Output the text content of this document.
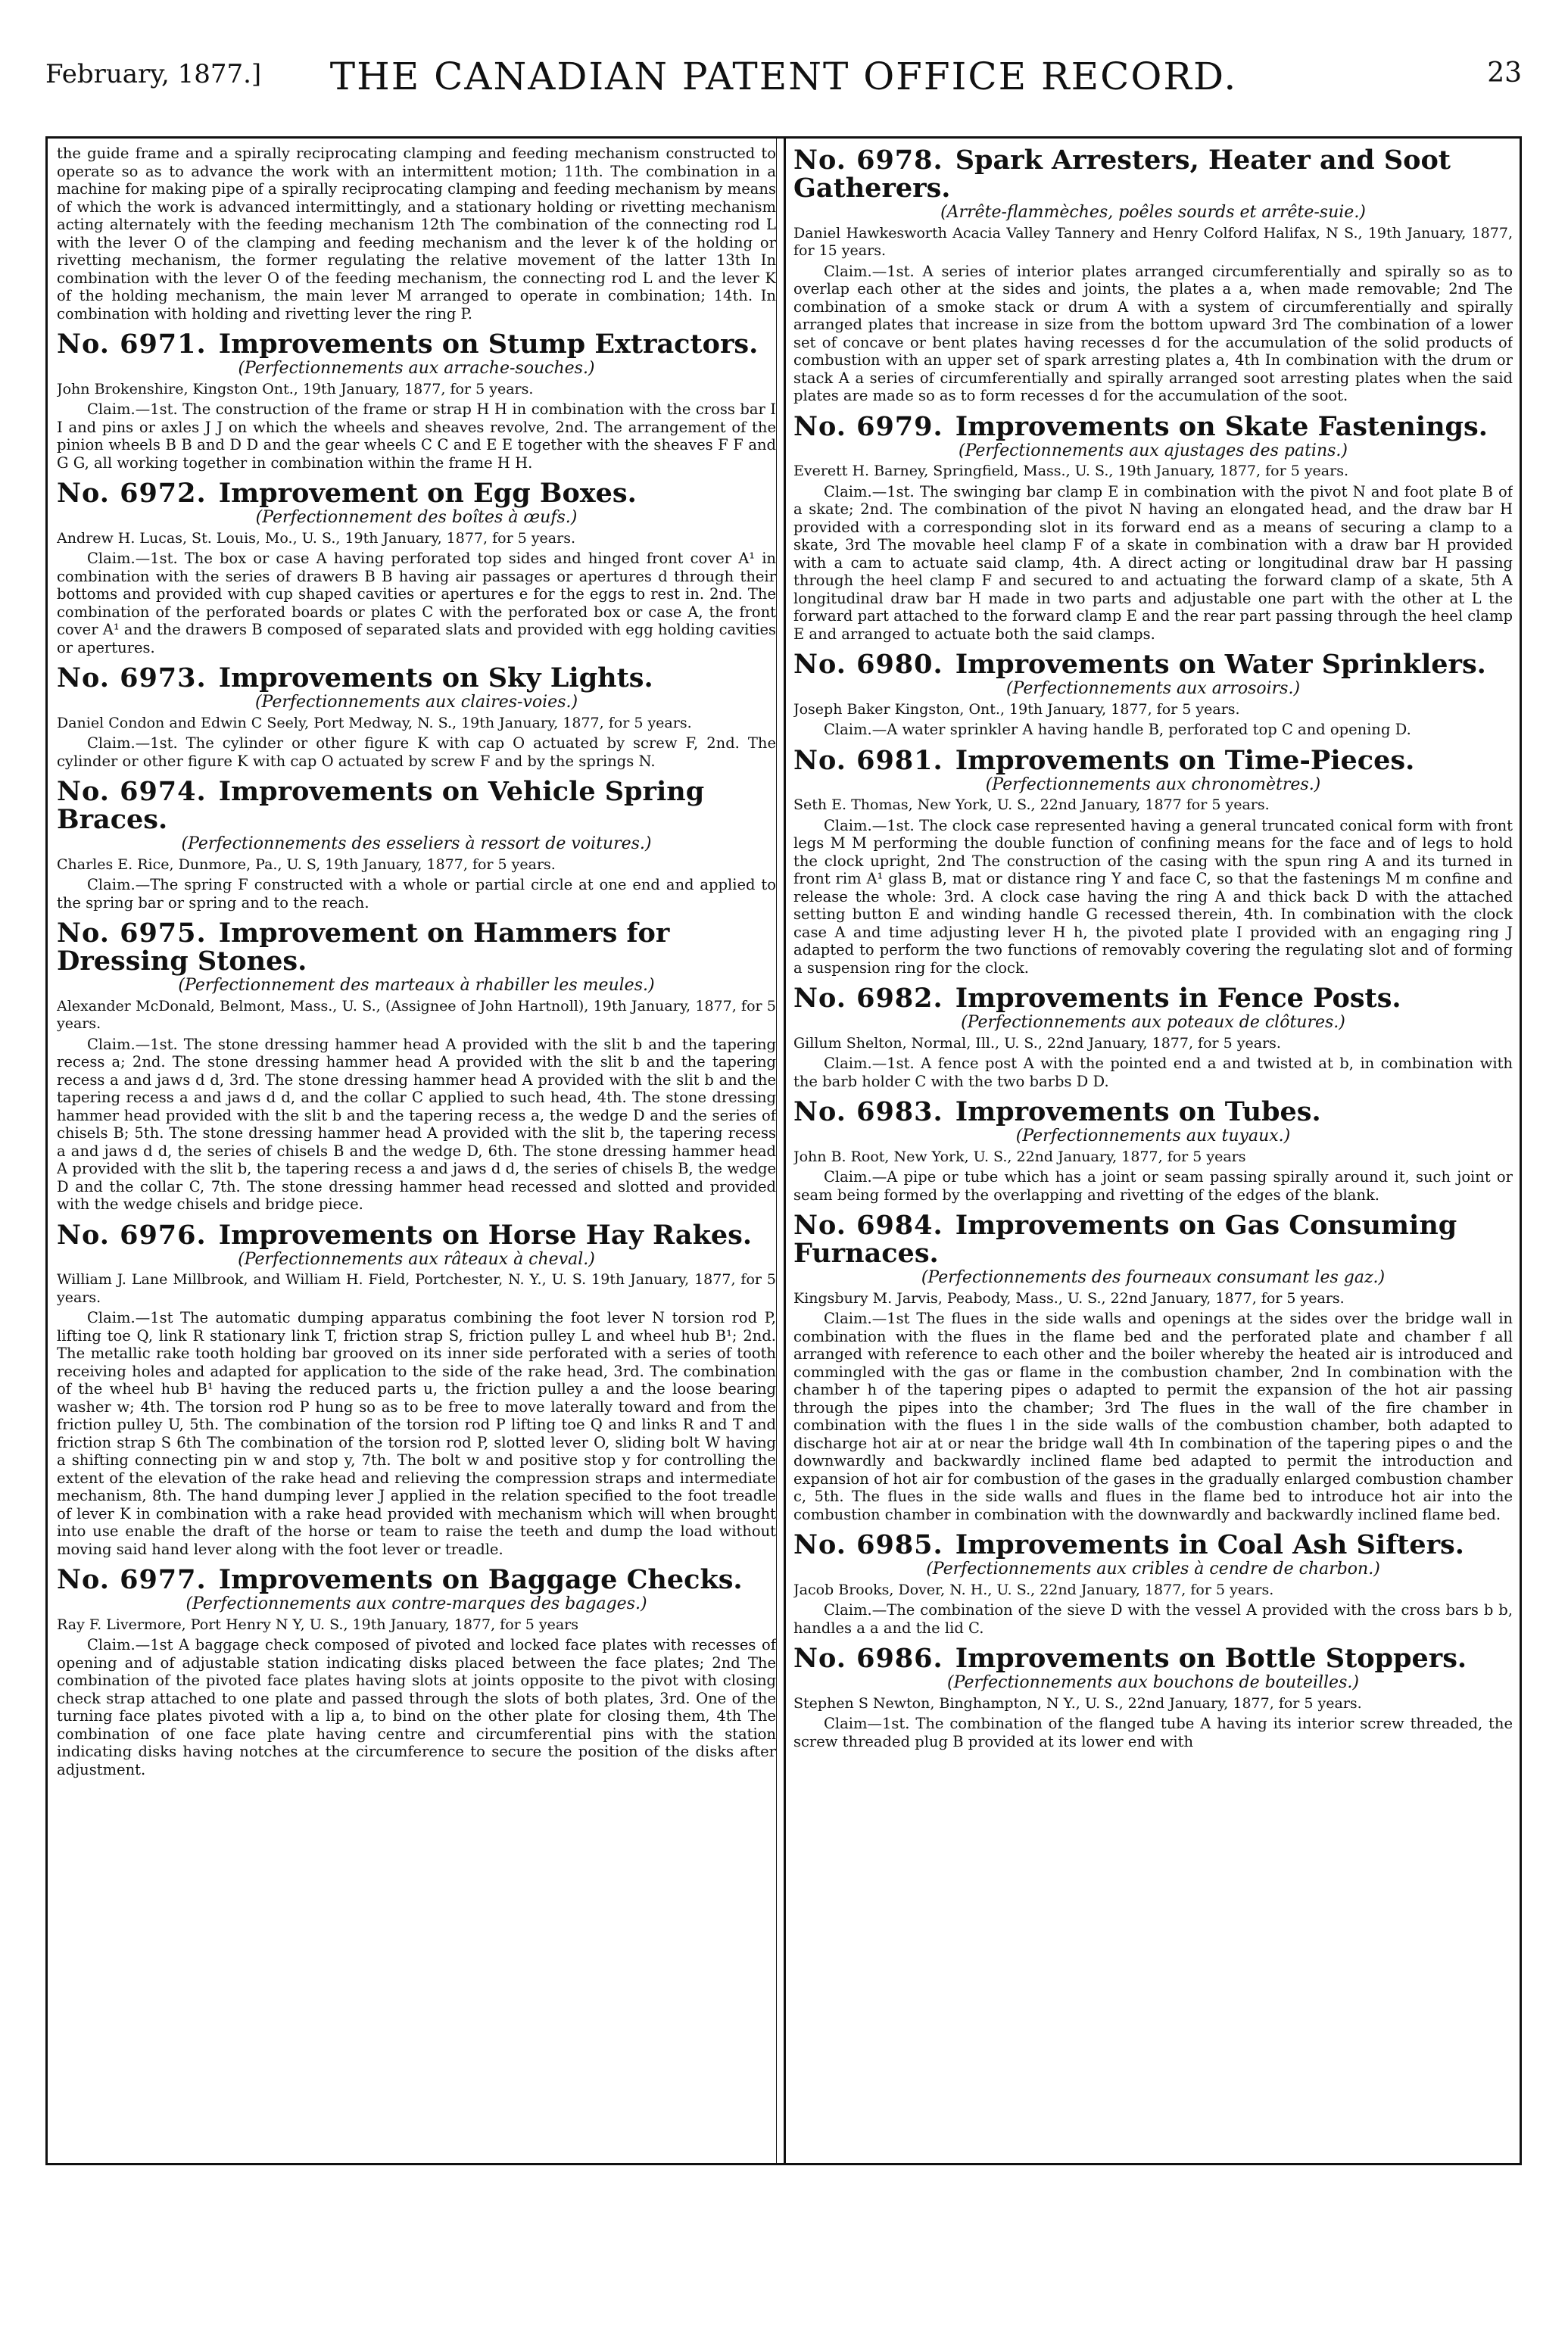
February, 1877.]	THE CANADIAN PATENT OFFICE RECORD.	23

the guide frame and a spirally reciprocating clamping and feeding mechanism constructed to operate so as to advance the work with an intermittent motion; 11th. The combination in a machine for making pipe of a spirally reciprocating clamping and feeding mechanism by means of which the work is advanced intermittingly, and a stationary holding or rivetting mechanism acting alternately with the feeding mechanism 12th The combination of the connecting rod L with the lever O of the clamping and feeding mechanism and the lever k of the holding or rivetting mechanism, the former regulating the relative movement of the latter 13th In combination with the lever O of the feeding mechanism, the connecting rod L and the lever K of the holding mechanism, the main lever M arranged to operate in combination; 14th. In combination with holding and rivetting lever the ring P.

No. 6971. Improvements on Stump Extractors.

(Perfectionnements aux arrache-souches.)

John Brokenshire, Kingston Ont., 19th January, 1877, for 5 years.

Claim.—1st. The construction of the frame or strap H H in combination with the cross bar I I and pins or axles J J on which the wheels and sheaves revolve, 2nd. The arrangement of the pinion wheels B B and D D and the gear wheels C C and E E together with the sheaves F F and G G, all working together in combination within the frame H H.

No. 6972. Improvement on Egg Boxes.

(Perfectionnement des boîtes à œufs.)

Andrew H. Lucas, St. Louis, Mo., U. S., 19th January, 1877, for 5 years.

Claim.—1st. The box or case A having perforated top sides and hinged front cover A¹ in combination with the series of drawers B B having air passages or apertures d through their bottoms and provided with cup shaped cavities or apertures e for the eggs to rest in. 2nd. The combination of the perforated boards or plates C with the perforated box or case A, the front cover A¹ and the drawers B composed of separated slats and provided with egg holding cavities or apertures.

No. 6973. Improvements on Sky Lights.

(Perfectionnements aux claires-voies.)

Daniel Condon and Edwin C Seely, Port Medway, N. S., 19th January, 1877, for 5 years.

Claim.—1st. The cylinder or other figure K with cap O actuated by screw F, 2nd. The cylinder or other figure K with cap O actuated by screw F and by the springs N.

No. 6974. Improvements on Vehicle Spring Braces.

(Perfectionnements des esseliers à ressort de voitures.)

Charles E. Rice, Dunmore, Pa., U. S, 19th January, 1877, for 5 years.

Claim.—The spring F constructed with a whole or partial circle at one end and applied to the spring bar or spring and to the reach.

No. 6975. Improvement on Hammers for Dressing Stones.

(Perfectionnement des marteaux à rhabiller les meules.)

Alexander McDonald, Belmont, Mass., U. S., (Assignee of John Hartnoll), 19th January, 1877, for 5 years.

Claim.—1st. The stone dressing hammer head A provided with the slit b and the tapering recess a; 2nd. The stone dressing hammer head A provided with the slit b and the tapering recess a and jaws d d, 3rd. The stone dressing hammer head A provided with the slit b and the tapering recess a and jaws d d, and the collar C applied to such head, 4th. The stone dressing hammer head provided with the slit b and the tapering recess a, the wedge D and the series of chisels B; 5th. The stone dressing hammer head A provided with the slit b, the tapering recess a and jaws d d, the series of chisels B and the wedge D, 6th. The stone dressing hammer head A provided with the slit b, the tapering recess a and jaws d d, the series of chisels B, the wedge D and the collar C, 7th. The stone dressing hammer head recessed and slotted and provided with the wedge chisels and bridge piece.

No. 6976. Improvements on Horse Hay Rakes.

(Perfectionnements aux râteaux à cheval.)

William J. Lane Millbrook, and William H. Field, Portchester, N. Y., U. S. 19th January, 1877, for 5 years.

Claim.—1st The automatic dumping apparatus combining the foot lever N torsion rod P, lifting toe Q, link R stationary link T, friction strap S, friction pulley L and wheel hub B¹; 2nd. The metallic rake tooth holding bar grooved on its inner side perforated with a series of tooth receiving holes and adapted for application to the side of the rake head, 3rd. The combination of the wheel hub B¹ having the reduced parts u, the friction pulley a and the loose bearing washer w; 4th. The torsion rod P hung so as to be free to move laterally toward and from the friction pulley U, 5th. The combination of the torsion rod P lifting toe Q and links R and T and friction strap S 6th The combination of the torsion rod P, slotted lever O, sliding bolt W having a shifting connecting pin w and stop y, 7th. The bolt w and positive stop y for controlling the extent of the elevation of the rake head and relieving the compression straps and intermediate mechanism, 8th. The hand dumping lever J applied in the relation specified to the foot treadle of lever K in combination with a rake head provided with mechanism which will when brought into use enable the draft of the horse or team to raise the teeth and dump the load without moving said hand lever along with the foot lever or treadle.

No. 6977. Improvements on Baggage Checks.

(Perfectionnements aux contre-marques des bagages.)

Ray F. Livermore, Port Henry N Y, U. S., 19th January, 1877, for 5 years

Claim.—1st A baggage check composed of pivoted and locked face plates with recesses of opening and of adjustable station indicating disks placed between the face plates; 2nd The combination of the pivoted face plates having slots at joints opposite to the pivot with closing check strap attached to one plate and passed through the slots of both plates, 3rd. One of the turning face plates pivoted with a lip a, to bind on the other plate for closing them, 4th The combination of one face plate having centre and circumferential pins with the station indicating disks having notches at the circumference to secure the position of the disks after adjustment.

No. 6978. Spark Arresters, Heater and Soot Gatherers.

(Arrête-flammèches, poêles sourds et arrête-suie.)

Daniel Hawkesworth Acacia Valley Tannery and Henry Colford Halifax, N S., 19th January, 1877, for 15 years.

Claim.—1st. A series of interior plates arranged circumferentially and spirally so as to overlap each other at the sides and joints, the plates a a, when made removable; 2nd The combination of a smoke stack or drum A with a system of circumferentially and spirally arranged plates that increase in size from the bottom upward 3rd The combination of a lower set of concave or bent plates having recesses d for the accumulation of the solid products of combustion with an upper set of spark arresting plates a, 4th In combination with the drum or stack A a series of circumferentially and spirally arranged soot arresting plates when the said plates are made so as to form recesses d for the accumulation of the soot.

No. 6979. Improvements on Skate Fastenings.

(Perfectionnements aux ajustages des patins.)

Everett H. Barney, Springfield, Mass., U. S., 19th January, 1877, for 5 years.

Claim.—1st. The swinging bar clamp E in combination with the pivot N and foot plate B of a skate; 2nd. The combination of the pivot N having an elongated head, and the draw bar H provided with a corresponding slot in its forward end as a means of securing a clamp to a skate, 3rd The movable heel clamp F of a skate in combination with a draw bar H provided with a cam to actuate said clamp, 4th. A direct acting or longitudinal draw bar H passing through the heel clamp F and secured to and actuating the forward clamp of a skate, 5th A longitudinal draw bar H made in two parts and adjustable one part with the other at L the forward part attached to the forward clamp E and the rear part passing through the heel clamp E and arranged to actuate both the said clamps.

No. 6980. Improvements on Water Sprinklers.

(Perfectionnements aux arrosoirs.)

Joseph Baker Kingston, Ont., 19th January, 1877, for 5 years.

Claim.—A water sprinkler A having handle B, perforated top C and opening D.

No. 6981. Improvements on Time-Pieces.

(Perfectionnements aux chronomètres.)

Seth E. Thomas, New York, U. S., 22nd January, 1877 for 5 years.

Claim.—1st. The clock case represented having a general truncated conical form with front legs M M performing the double function of confining means for the face and of legs to hold the clock upright, 2nd The construction of the casing with the spun ring A and its turned in front rim A¹ glass B, mat or distance ring Y and face C, so that the fastenings M m confine and release the whole: 3rd. A clock case having the ring A and thick back D with the attached setting button E and winding handle G recessed therein, 4th. In combination with the clock case A and time adjusting lever H h, the pivoted plate I provided with an engaging ring J adapted to perform the two functions of removably covering the regulating slot and of forming a suspension ring for the clock.

No. 6982. Improvements in Fence Posts.

(Perfectionnements aux poteaux de clôtures.)

Gillum Shelton, Normal, Ill., U. S., 22nd January, 1877, for 5 years.

Claim.—1st. A fence post A with the pointed end a and twisted at b, in combination with the barb holder C with the two barbs D D.

No. 6983. Improvements on Tubes.

(Perfectionnements aux tuyaux.)

John B. Root, New York, U. S., 22nd January, 1877, for 5 years

Claim.—A pipe or tube which has a joint or seam passing spirally around it, such joint or seam being formed by the overlapping and rivetting of the edges of the blank.

No. 6984. Improvements on Gas Consuming Furnaces.

(Perfectionnements des fourneaux consumant les gaz.)

Kingsbury M. Jarvis, Peabody, Mass., U. S., 22nd January, 1877, for 5 years.

Claim.—1st The flues in the side walls and openings at the sides over the bridge wall in combination with the flues in the flame bed and the perforated plate and chamber f all arranged with reference to each other and the boiler whereby the heated air is introduced and commingled with the gas or flame in the combustion chamber, 2nd In combination with the chamber h of the tapering pipes o adapted to permit the expansion of the hot air passing through the pipes into the chamber; 3rd The flues in the wall of the fire chamber in combination with the flues l in the side walls of the combustion chamber, both adapted to discharge hot air at or near the bridge wall 4th In combination of the tapering pipes o and the downwardly and backwardly inclined flame bed adapted to permit the introduction and expansion of hot air for combustion of the gases in the gradually enlarged combustion chamber c, 5th. The flues in the side walls and flues in the flame bed to introduce hot air into the combustion chamber in combination with the downwardly and backwardly inclined flame bed.

No. 6985. Improvements in Coal Ash Sifters.

(Perfectionnements aux cribles à cendre de charbon.)

Jacob Brooks, Dover, N. H., U. S., 22nd January, 1877, for 5 years.

Claim.—The combination of the sieve D with the vessel A provided with the cross bars b b, handles a a and the lid C.

No. 6986. Improvements on Bottle Stoppers.

(Perfectionnements aux bouchons de bouteilles.)

Stephen S Newton, Binghampton, N Y., U. S., 22nd January, 1877, for 5 years.

Claim—1st. The combination of the flanged tube A having its interior screw threaded, the screw threaded plug B provided at its lower end with
